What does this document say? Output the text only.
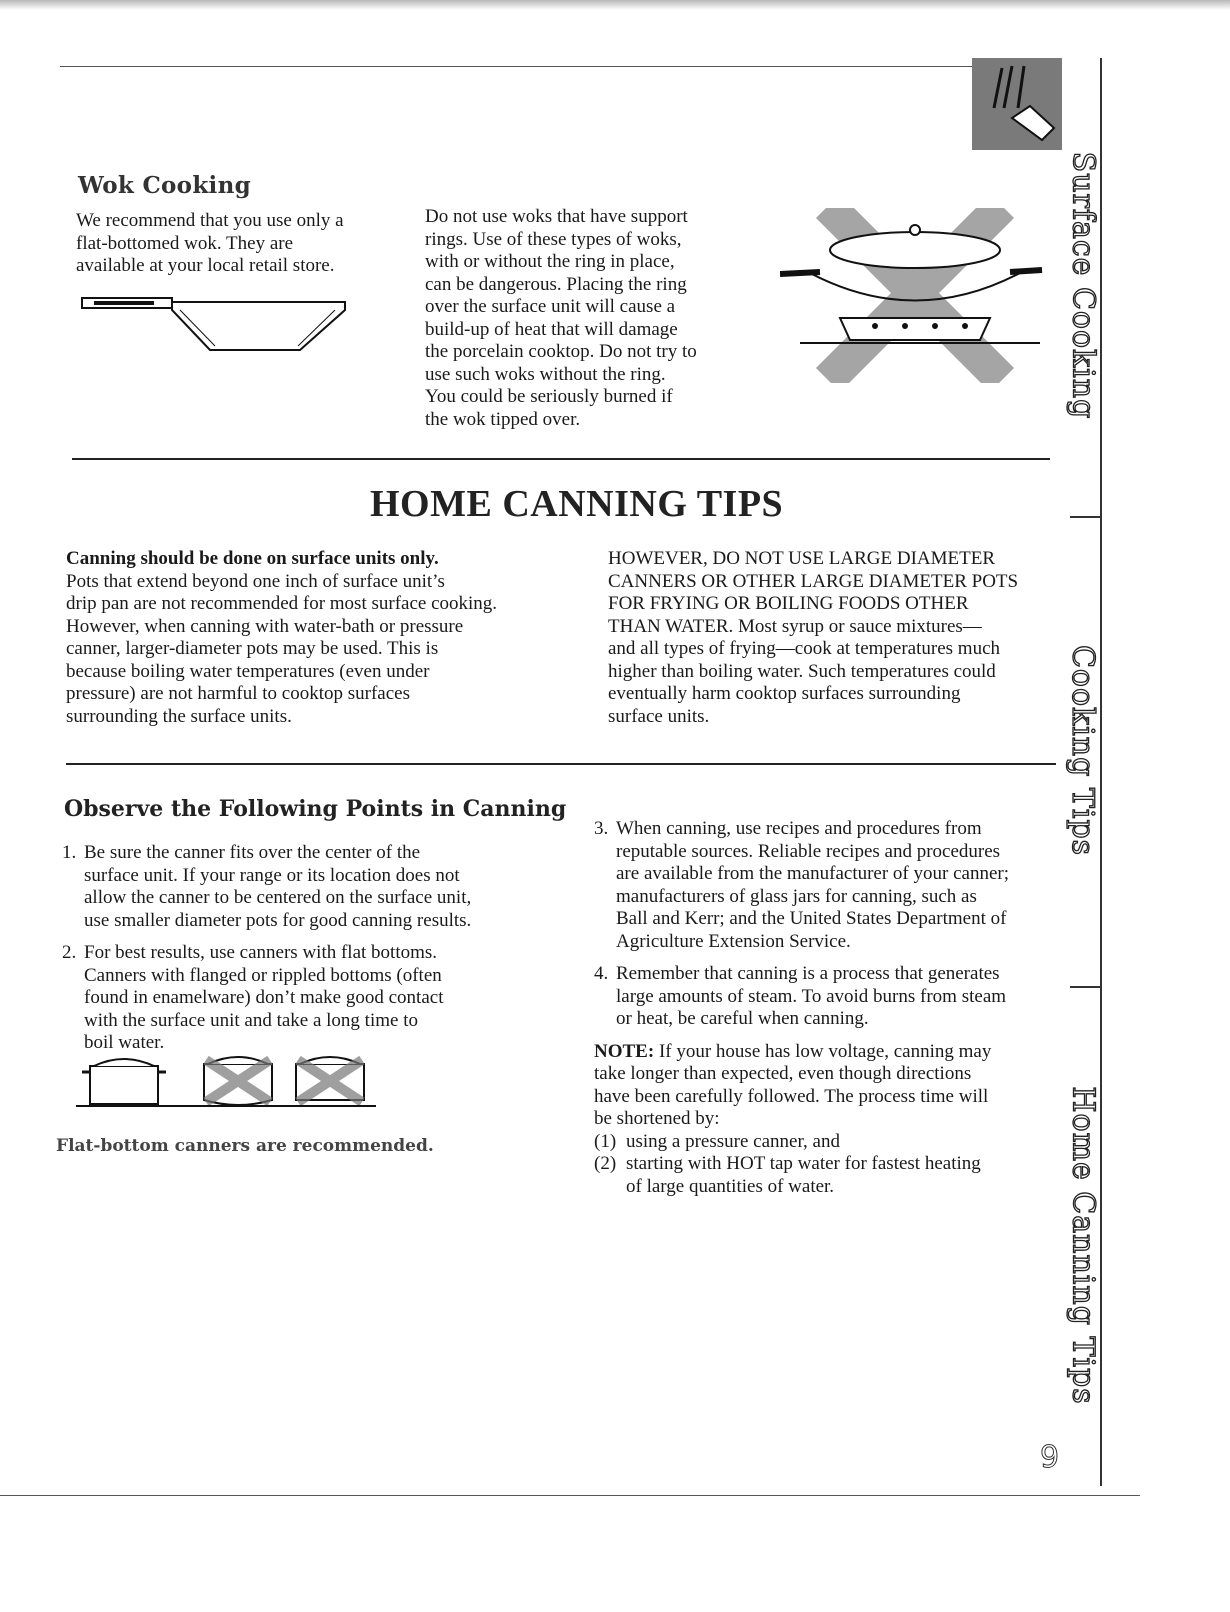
Surface Cooking
Cooking Tips
Home Canning Tips
9
Wok Cooking
We recommend that you use only a
flat-bottomed wok. They are
available at your local retail store.
Do not use woks that have support
rings. Use of these types of woks,
with or without the ring in place,
can be dangerous. Placing the ring
over the surface unit will cause a
build-up of heat that will damage
the porcelain cooktop. Do not try to
use such woks without the ring.
You could be seriously burned if
the wok tipped over.
HOME CANNING TIPS
Canning should be done on surface units only.
Pots that extend beyond one inch of surface unit’s
drip pan are not recommended for most surface cooking.
However, when canning with water-bath or pressure
canner, larger-diameter pots may be used. This is
because boiling water temperatures (even under
pressure) are not harmful to cooktop surfaces
surrounding the surface units.
HOWEVER, DO NOT USE LARGE DIAMETER
CANNERS OR OTHER LARGE DIAMETER POTS
FOR FRYING OR BOILING FOODS OTHER
THAN WATER. Most syrup or sauce mixtures—
and all types of frying—cook at temperatures much
higher than boiling water. Such temperatures could
eventually harm cooktop surfaces surrounding
surface units.
Observe the Following Points in Canning
1. Be sure the canner fits over the center of the
surface unit. If your range or its location does not
allow the canner to be centered on the surface unit,
use smaller diameter pots for good canning results.
2. For best results, use canners with flat bottoms.
Canners with flanged or rippled bottoms (often
found in enamelware) don’t make good contact
with the surface unit and take a long time to
boil water.
Flat-bottom canners are recommended.
3. When canning, use recipes and procedures from
reputable sources. Reliable recipes and procedures
are available from the manufacturer of your canner;
manufacturers of glass jars for canning, such as
Ball and Kerr; and the United States Department of
Agriculture Extension Service.
4. Remember that canning is a process that generates
large amounts of steam. To avoid burns from steam
or heat, be careful when canning.
NOTE: If your house has low voltage, canning may
take longer than expected, even though directions
have been carefully followed. The process time will
be shortened by:
(1) using a pressure canner, and
(2) starting with HOT tap water for fastest heating
of large quantities of water.
